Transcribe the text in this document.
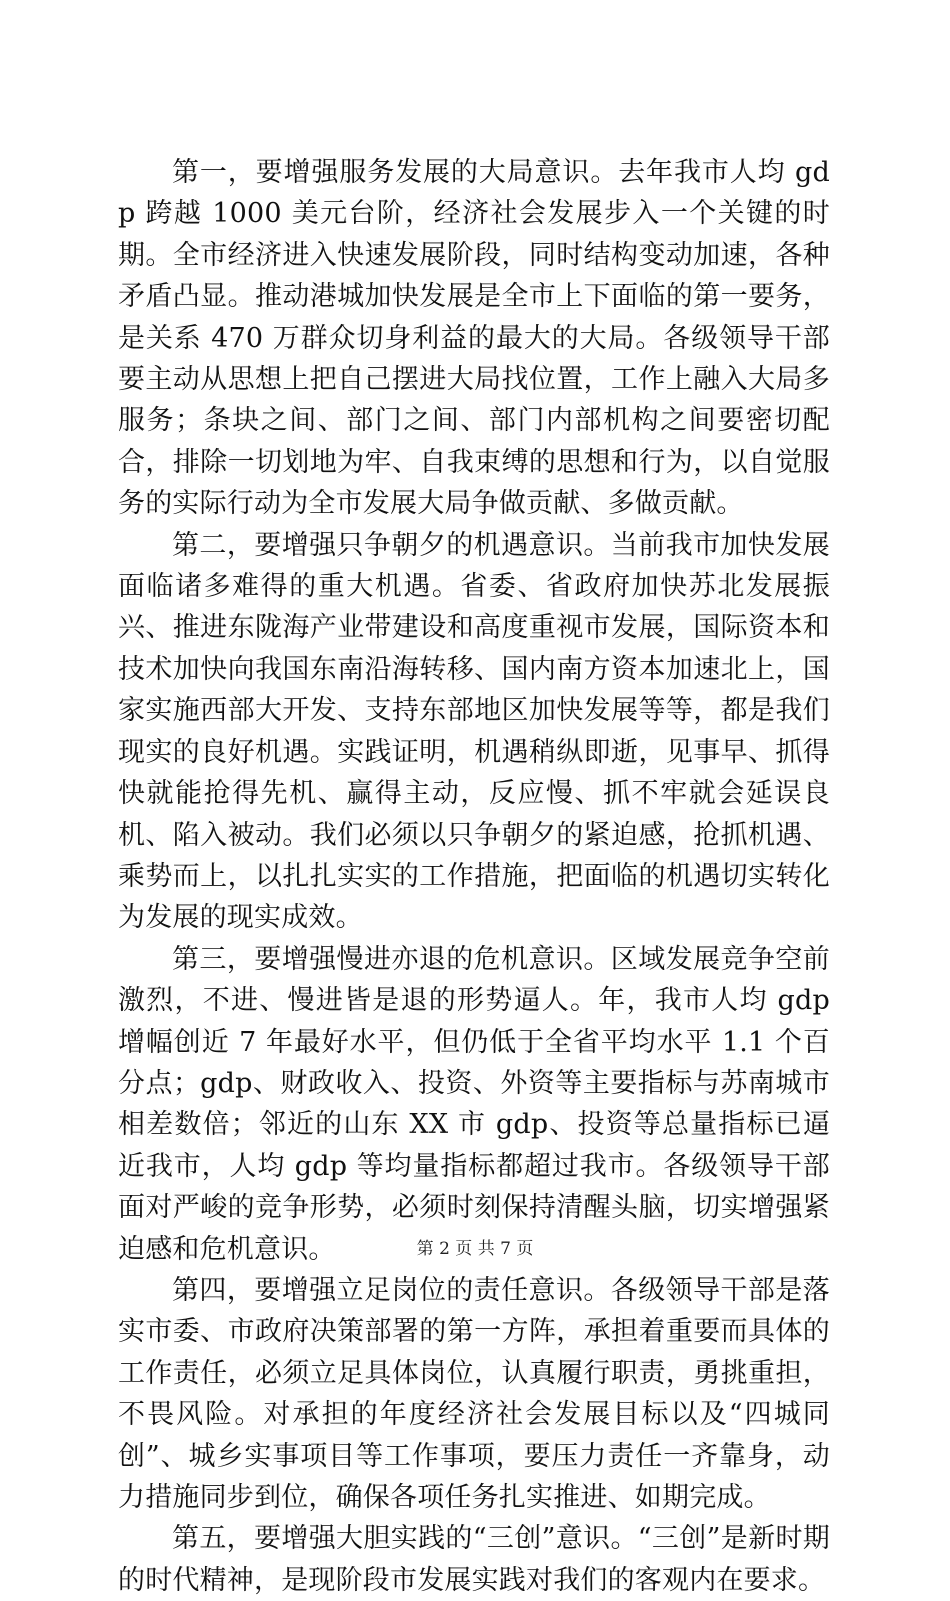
第一，要增强服务发展的大局意识。去年我市人均 gdp 跨越 1000 美元台阶，经济社会发展步入一个关键的时期。全市经济进入快速发展阶段，同时结构变动加速，各种矛盾凸显。推动港城加快发展是全市上下面临的第一要务，是关系 470 万群众切身利益的最大的大局。各级领导干部要主动从思想上把自己摆进大局找位置，工作上融入大局多服务；条块之间、部门之间、部门内部机构之间要密切配合，排除一切划地为牢、自我束缚的思想和行为，以自觉服务的实际行动为全市发展大局争做贡献、多做贡献。

第二，要增强只争朝夕的机遇意识。当前我市加快发展面临诸多难得的重大机遇。省委、省政府加快苏北发展振兴、推进东陇海产业带建设和高度重视市发展，国际资本和技术加快向我国东南沿海转移、国内南方资本加速北上，国家实施西部大开发、支持东部地区加快发展等等，都是我们现实的良好机遇。实践证明，机遇稍纵即逝，见事早、抓得快就能抢得先机、赢得主动，反应慢、抓不牢就会延误良机、陷入被动。我们必须以只争朝夕的紧迫感，抢抓机遇、乘势而上，以扎扎实实的工作措施，把面临的机遇切实转化为发展的现实成效。

第三，要增强慢进亦退的危机意识。区域发展竞争空前激烈，不进、慢进皆是退的形势逼人。年，我市人均 gdp 增幅创近 7 年最好水平，但仍低于全省平均水平 1.1 个百分点；gdp、财政收入、投资、外资等主要指标与苏南城市相差数倍；邻近的山东 XX 市 gdp、投资等总量指标已逼近我市，人均 gdp 等均量指标都超过我市。各级领导干部面对严峻的竞争形势，必须时刻保持清醒头脑，切实增强紧迫感和危机意识。

第四，要增强立足岗位的责任意识。各级领导干部是落实市委、市政府决策部署的第一方阵，承担着重要而具体的工作责任，必须立足具体岗位，认真履行职责，勇挑重担，不畏风险。对承担的年度经济社会发展目标以及“四城同创”、城乡实事项目等工作事项，要压力责任一齐靠身，动力措施同步到位，确保各项任务扎实推进、如期完成。

第五，要增强大胆实践的“三创”意识。“三创”是新时期的时代精神，是现阶段市发展实践对我们的客观内在要求。

第 2 页 共 7 页
